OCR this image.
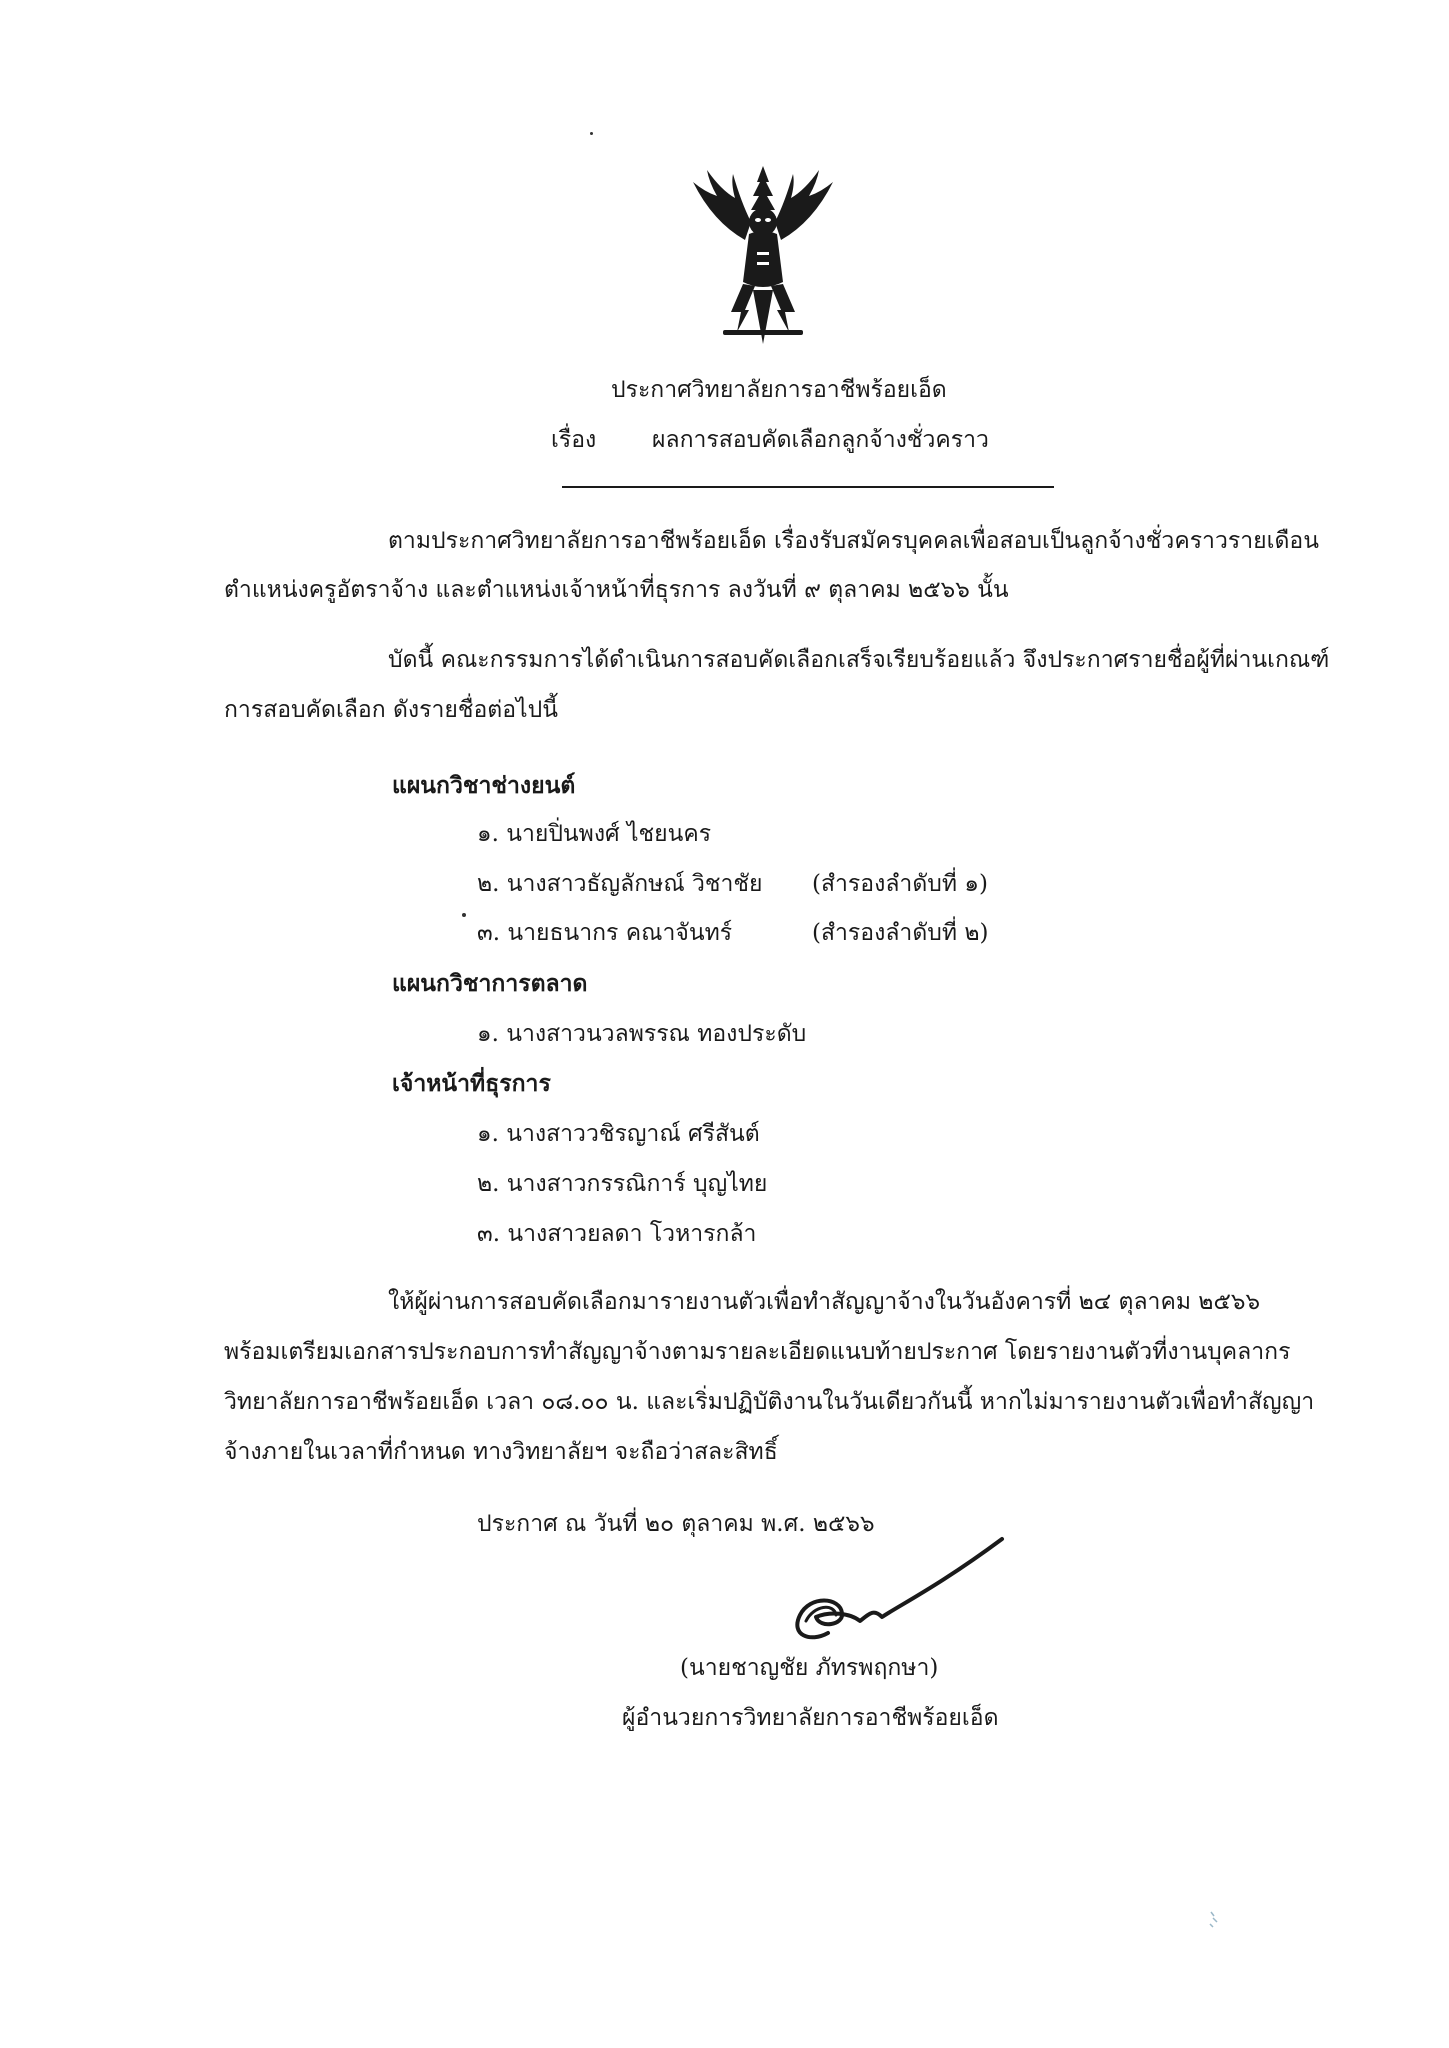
ประกาศวิทยาลัยการอาชีพร้อยเอ็ด
เรื่อง ผลการสอบคัดเลือกลูกจ้างชั่วคราว
ตามประกาศวิทยาลัยการอาชีพร้อยเอ็ด เรื่องรับสมัครบุคคลเพื่อสอบเป็นลูกจ้างชั่วคราวรายเดือน
ตำแหน่งครูอัตราจ้าง และตำแหน่งเจ้าหน้าที่ธุรการ ลงวันที่ ๙ ตุลาคม ๒๕๖๖ นั้น
บัดนี้ คณะกรรมการได้ดำเนินการสอบคัดเลือกเสร็จเรียบร้อยแล้ว จึงประกาศรายชื่อผู้ที่ผ่านเกณฑ์
การสอบคัดเลือก ดังรายชื่อต่อไปนี้
แผนกวิชาช่างยนต์
๑. นายปิ่นพงศ์ ไชยนคร
๒. นางสาวธัญลักษณ์ วิชาชัย (สำรองลำดับที่ ๑)
๓. นายธนากร คณาจันทร์	(สำรองลำดับที่ ๒)
แผนกวิชาการตลาด
๑. นางสาวนวลพรรณ ทองประดับ
เจ้าหน้าที่ธุรการ
๑. นางสาววชิรญาณ์ ศรีสันต์
๒. นางสาวกรรณิการ์ บุญไทย
๓. นางสาวยลดา โวหารกล้า
ให้ผู้ผ่านการสอบคัดเลือกมารายงานตัวเพื่อทำสัญญาจ้างในวันอังคารที่ ๒๔ ตุลาคม ๒๕๖๖
พร้อมเตรียมเอกสารประกอบการทำสัญญาจ้างตามรายละเอียดแนบท้ายประกาศ โดยรายงานตัวที่งานบุคลากร
วิทยาลัยการอาชีพร้อยเอ็ด เวลา ๐๘.๐๐ น. และเริ่มปฏิบัติงานในวันเดียวกันนี้ หากไม่มารายงานตัวเพื่อทำสัญญา
จ้างภายในเวลาที่กำหนด ทางวิทยาลัยฯ จะถือว่าสละสิทธิ์
ประกาศ ณ วันที่ ๒๐ ตุลาคม พ.ศ. ๒๕๖๖
(นายชาญชัย ภัทรพฤกษา)
ผู้อำนวยการวิทยาลัยการอาชีพร้อยเอ็ด
